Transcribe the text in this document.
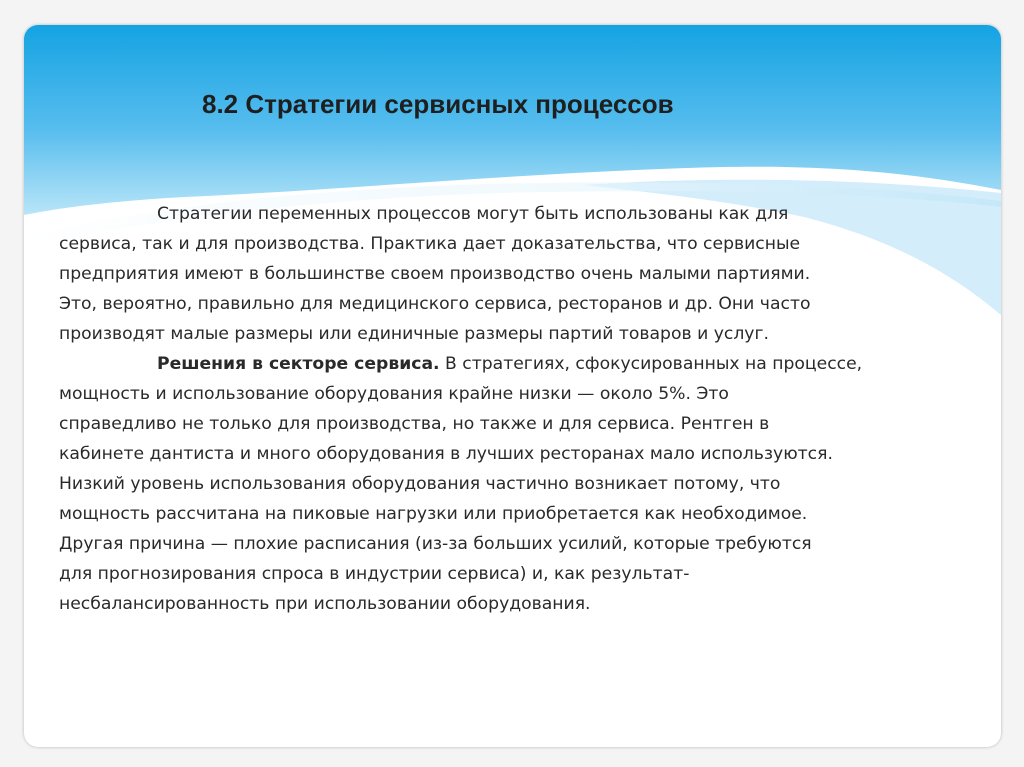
8.2 Стратегии сервисных процессов
Стратегии переменных процессов могут быть использованы как для
сервиса, так и для производства. Практика дает доказательства, что сервисные
предприятия имеют в большинстве своем производство очень малыми партиями.
Это, вероятно, правильно для медицинского сервиса, ресторанов и др. Они часто
производят малые размеры или единичные размеры партий товаров и услуг.
Решения в секторе сервиса. В стратегиях, сфокусированных на процессе,
мощность и использование оборудования крайне низки — около 5%. Это
справедливо не только для производства, но также и для сервиса. Рентген в
кабинете дантиста и много оборудования в лучших ресторанах мало используются.
Низкий уровень использования оборудования частично возникает потому, что
мощность рассчитана на пиковые нагрузки или приобретается как необходимое.
Другая причина — плохие расписания (из-за больших усилий, которые требуются
для прогнозирования спроса в индустрии сервиса) и, как результат-
несбалансированность при использовании оборудования.
